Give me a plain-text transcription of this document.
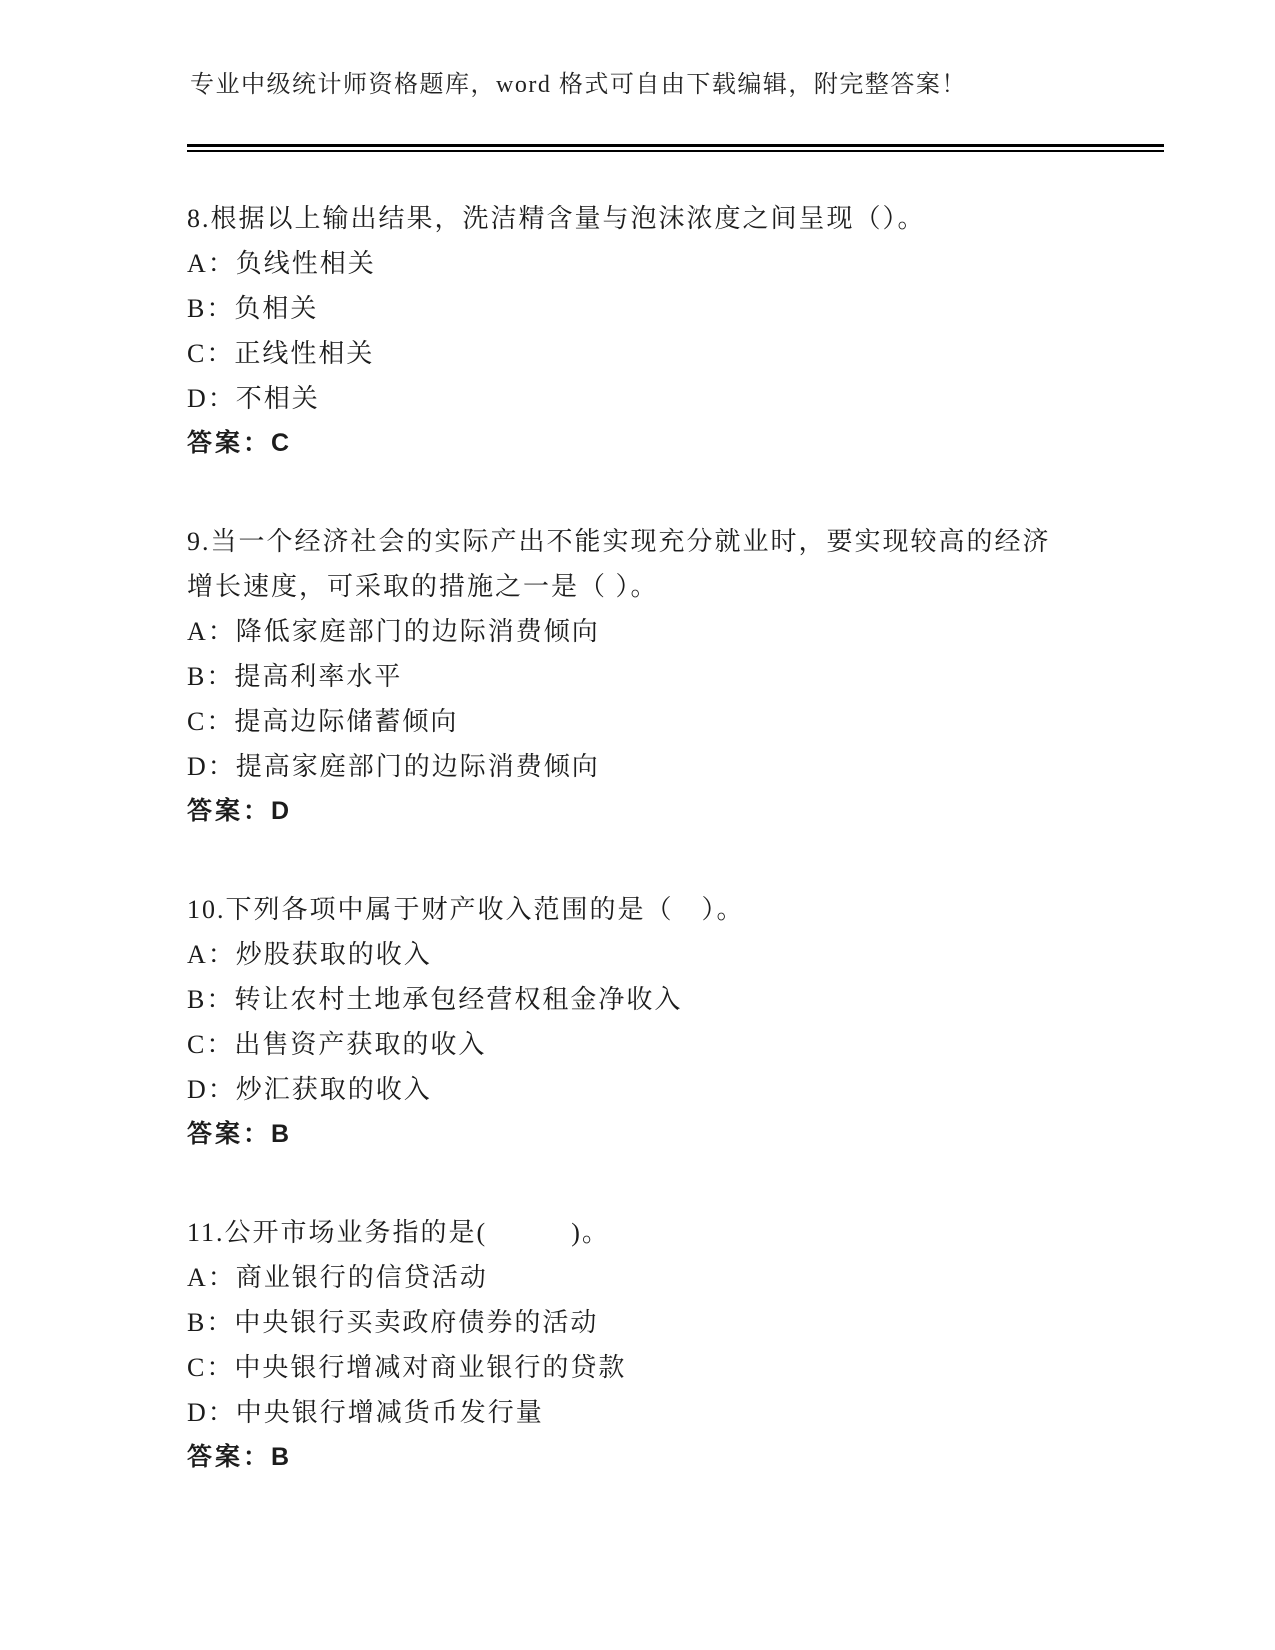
专业中级统计师资格题库，word 格式可自由下载编辑，附完整答案！

8.根据以上输出结果，洗洁精含量与泡沫浓度之间呈现（）。

A：负线性相关

B：负相关

C：正线性相关

D：不相关

答案：C

9.当一个经济社会的实际产出不能实现充分就业时，要实现较高的经济增长速度，可采取的措施之一是（ ）。

A：降低家庭部门的边际消费倾向

B：提高利率水平

C：提高边际储蓄倾向

D：提高家庭部门的边际消费倾向

答案：D

10.下列各项中属于财产收入范围的是（　）。

A：炒股获取的收入

B：转让农村土地承包经营权租金净收入

C：出售资产获取的收入

D：炒汇获取的收入

答案：B

11.公开市场业务指的是(　　　)。

A：商业银行的信贷活动

B：中央银行买卖政府债券的活动

C：中央银行增减对商业银行的贷款

D：中央银行增减货币发行量

答案：B
